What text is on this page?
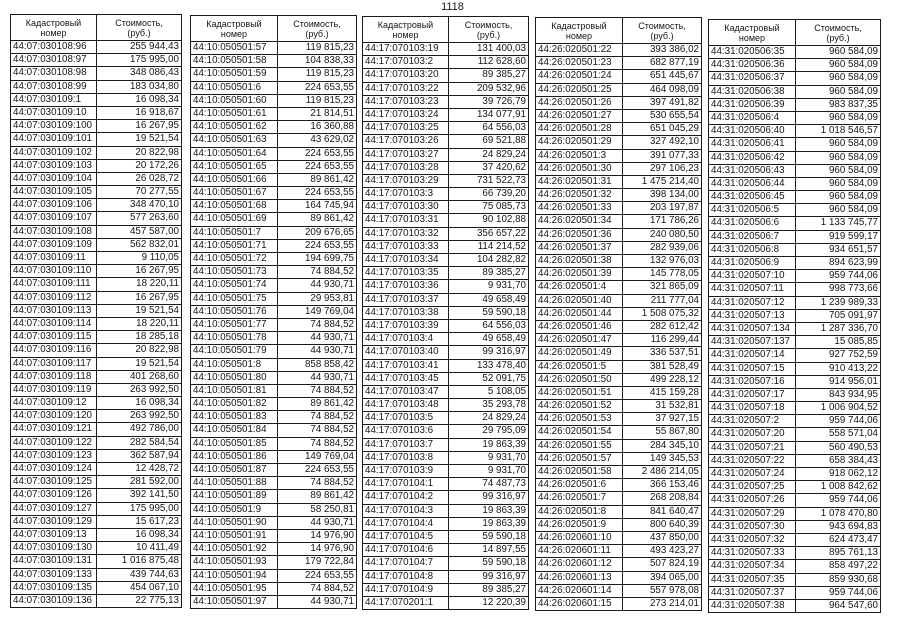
1118
Кадастровый
номер
Стоимость,
(руб.)
44:07:030108:96	255 944,43
44:07:030108:97	175 995,00
44:07:030108:98	348 086,43
44:07:030108:99	183 034,80
44:07:030109:1	16 098,34
44:07:030109:10	16 918,67
44:07:030109:100	16 267,95
44:07:030109:101	19 521,54
44:07:030109:102	20 822,98
44:07:030109:103	20 172,26
44:07:030109:104	26 028,72
44:07:030109:105	70 277,55
44:07:030109:106	348 470,10
44:07:030109:107	577 263,60
44:07:030109:108	457 587,00
44:07:030109:109	562 832,01
44:07:030109:11	9 110,05
44:07:030109:110	16 267,95
44:07:030109:111	18 220,11
44:07:030109:112	16 267,95
44:07:030109:113	19 521,54
44:07:030109:114	18 220,11
44:07:030109:115	18 285,18
44:07:030109:116	20 822,98
44:07:030109:117	19 521,54
44:07:030109:118	401 268,60
44:07:030109:119	263 992,50
44:07:030109:12	16 098,34
44:07:030109:120	263 992,50
44:07:030109:121	492 786,00
44:07:030109:122	282 584,54
44:07:030109:123	362 587,94
44:07:030109:124	12 428,72
44:07:030109:125	281 592,00
44:07:030109:126	392 141,50
44:07:030109:127	175 995,00
44:07:030109:129	15 617,23
44:07:030109:13	16 098,34
44:07:030109:130	10 411,49
44:07:030109:131	1 016 875,48
44:07:030109:133	439 744,63
44:07:030109:135	454 067,10
44:07:030109:136	22 775,13
Кадастровый
номер
Стоимость,
(руб.)
44:10:050501:57	119 815,23
44:10:050501:58	104 838,33
44:10:050501:59	119 815,23
44:10:050501:6	224 653,55
44:10:050501:60	119 815,23
44:10:050501:61	21 814,51
44:10:050501:62	16 360,88
44:10:050501:63	43 629,02
44:10:050501:64	224 653,55
44:10:050501:65	224 653,55
44:10:050501:66	89 861,42
44:10:050501:67	224 653,55
44:10:050501:68	164 745,94
44:10:050501:69	89 861,42
44:10:050501:7	209 676,65
44:10:050501:71	224 653,55
44:10:050501:72	194 699,75
44:10:050501:73	74 884,52
44:10:050501:74	44 930,71
44:10:050501:75	29 953,81
44:10:050501:76	149 769,04
44:10:050501:77	74 884,52
44:10:050501:78	44 930,71
44:10:050501:79	44 930,71
44:10:050501:8	858 858,42
44:10:050501:80	44 930,71
44:10:050501:81	74 884,52
44:10:050501:82	89 861,42
44:10:050501:83	74 884,52
44:10:050501:84	74 884,52
44:10:050501:85	74 884,52
44:10:050501:86	149 769,04
44:10:050501:87	224 653,55
44:10:050501:88	74 884,52
44:10:050501:89	89 861,42
44:10:050501:9	58 250,81
44:10:050501:90	44 930,71
44:10:050501:91	14 976,90
44:10:050501:92	14 976,90
44:10:050501:93	179 722,84
44:10:050501:94	224 653,55
44:10:050501:95	74 884,52
44:10:050501:97	44 930,71
Кадастровый
номер
Стоимость,
(руб.)
44:17:070103:19	131 400,03
44:17:070103:2	112 628,60
44:17:070103:20	89 385,27
44:17:070103:22	209 532,96
44:17:070103:23	39 726,79
44:17:070103:24	134 077,91
44:17:070103:25	64 556,03
44:17:070103:26	69 521,88
44:17:070103:27	24 829,24
44:17:070103:28	37 420,62
44:17:070103:29	731 522,73
44:17:070103:3	66 739,20
44:17:070103:30	75 085,73
44:17:070103:31	90 102,88
44:17:070103:32	356 657,22
44:17:070103:33	114 214,52
44:17:070103:34	104 282,82
44:17:070103:35	89 385,27
44:17:070103:36	9 931,70
44:17:070103:37	49 658,49
44:17:070103:38	59 590,18
44:17:070103:39	64 556,03
44:17:070103:4	49 658,49
44:17:070103:40	99 316,97
44:17:070103:41	133 478,40
44:17:070103:45	52 091,75
44:17:070103:47	5 108,05
44:17:070103:48	35 293,78
44:17:070103:5	24 829,24
44:17:070103:6	29 795,09
44:17:070103:7	19 863,39
44:17:070103:8	9 931,70
44:17:070103:9	9 931,70
44:17:070104:1	74 487,73
44:17:070104:2	99 316,97
44:17:070104:3	19 863,39
44:17:070104:4	19 863,39
44:17:070104:5	59 590,18
44:17:070104:6	14 897,55
44:17:070104:7	59 590,18
44:17:070104:8	99 316,97
44:17:070104:9	89 385,27
44:17:070201:1	12 220,39
Кадастровый
номер
Стоимость,
(руб.)
44:26:020501:22	393 386,02
44:26:020501:23	682 877,19
44:26:020501:24	651 445,67
44:26:020501:25	464 098,09
44:26:020501:26	397 491,82
44:26:020501:27	530 655,54
44:26:020501:28	651 045,29
44:26:020501:29	327 492,10
44:26:020501:3	391 077,33
44:26:020501:30	297 106,23
44:26:020501:31	1 475 214,40
44:26:020501:32	398 134,00
44:26:020501:33	203 197,87
44:26:020501:34	171 786,26
44:26:020501:36	240 080,50
44:26:020501:37	282 939,06
44:26:020501:38	132 976,03
44:26:020501:39	145 778,05
44:26:020501:4	321 865,09
44:26:020501:40	211 777,04
44:26:020501:44	1 508 075,32
44:26:020501:46	282 612,42
44:26:020501:47	116 299,44
44:26:020501:49	336 537,51
44:26:020501:5	381 528,49
44:26:020501:50	499 228,12
44:26:020501:51	415 159,28
44:26:020501:52	31 532,81
44:26:020501:53	37 927,15
44:26:020501:54	55 867,80
44:26:020501:55	284 345,10
44:26:020501:57	149 345,53
44:26:020501:58	2 486 214,05
44:26:020501:6	366 153,46
44:26:020501:7	268 208,84
44:26:020501:8	841 640,47
44:26:020501:9	800 640,39
44:26:020601:10	437 850,00
44:26:020601:11	493 423,27
44:26:020601:12	507 824,19
44:26:020601:13	394 065,00
44:26:020601:14	557 978,08
44:26:020601:15	273 214,01
Кадастровый
номер
Стоимость,
(руб.)
44:31:020506:35	960 584,09
44:31:020506:36	960 584,09
44:31:020506:37	960 584,09
44:31:020506:38	960 584,09
44:31:020506:39	983 837,35
44:31:020506:4	960 584,09
44:31:020506:40	1 018 546,57
44:31:020506:41	960 584,09
44:31:020506:42	960 584,09
44:31:020506:43	960 584,09
44:31:020506:44	960 584,09
44:31:020506:45	960 584,09
44:31:020506:5	960 584,09
44:31:020506:6	1 133 745,77
44:31:020506:7	919 599,17
44:31:020506:8	934 651,57
44:31:020506:9	894 623,99
44:31:020507:10	959 744,06
44:31:020507:11	998 773,66
44:31:020507:12	1 239 989,33
44:31:020507:13	705 091,97
44:31:020507:134	1 287 336,70
44:31:020507:137	15 085,85
44:31:020507:14	927 752,59
44:31:020507:15	910 413,22
44:31:020507:16	914 956,01
44:31:020507:17	843 934,95
44:31:020507:18	1 006 904,52
44:31:020507:2	959 744,06
44:31:020507:20	558 571,04
44:31:020507:21	560 490,53
44:31:020507:22	658 384,43
44:31:020507:24	918 062,12
44:31:020507:25	1 008 842,62
44:31:020507:26	959 744,06
44:31:020507:29	1 078 470,80
44:31:020507:30	943 694,83
44:31:020507:32	624 473,47
44:31:020507:33	895 761,13
44:31:020507:34	858 497,22
44:31:020507:35	859 930,68
44:31:020507:37	959 744,06
44:31:020507:38	964 547,60
